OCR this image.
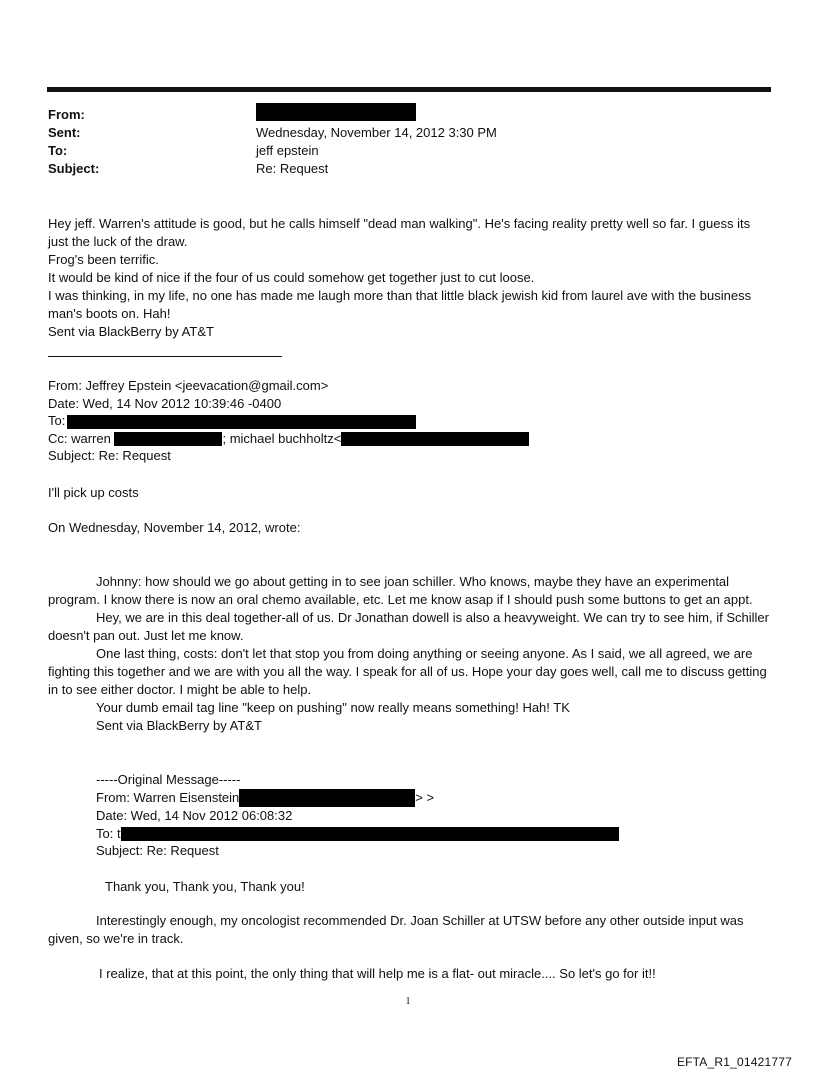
From:
Sent:	Wednesday, November 14, 2012 3:30 PM
To:	jeff epstein
Subject:	Re: Request

Hey jeff. Warren's attitude is good, but he calls himself "dead man walking". He's facing reality pretty well so far. I guess its just the luck of the draw.

Frog's been terrific.

It would be kind of nice if the four of us could somehow get together just to cut loose.

I was thinking, in my life, no one has made me laugh more than that little black jewish kid from laurel ave with the business man's boots on. Hah!

Sent via BlackBerry by AT&T

From: Jeffrey Epstein <jeevacation@gmail.com>

Date: Wed, 14 Nov 2012 10:39:46 -0400

To:

Cc: warren	; michael buchholtz<

Subject: Re: Request

I'll pick up costs

On Wednesday, November 14, 2012, wrote:

Johnny: how should we go about getting in to see joan schiller. Who knows, maybe they have an experimental program. I know there is now an oral chemo available, etc. Let me know asap if I should push some buttons to get an appt.

Hey, we are in this deal together-all of us. Dr Jonathan dowell is also a heavyweight. We can try to see him, if Schiller doesn't pan out. Just let me know.

One last thing, costs: don't let that stop you from doing anything or seeing anyone. As I said, we all agreed, we are fighting this together and we are with you all the way. I speak for all of us. Hope your day goes well, call me to discuss getting in to see either doctor. I might be able to help.

Your dumb email tag line "keep on pushing" now really means something! Hah! TK

Sent via BlackBerry by AT&T

-----Original Message-----

From: Warren Eisenstein	> >

Date: Wed, 14 Nov 2012 06:08:32

To: t

Subject: Re: Request

Thank you, Thank you, Thank you!

Interestingly enough, my oncologist recommended Dr. Joan Schiller at UTSW before any other outside input was given, so we're in track.

I realize, that at this point, the only thing that will help me is a flat- out miracle.... So let's go for it!!

1
EFTA_R1_01421777
